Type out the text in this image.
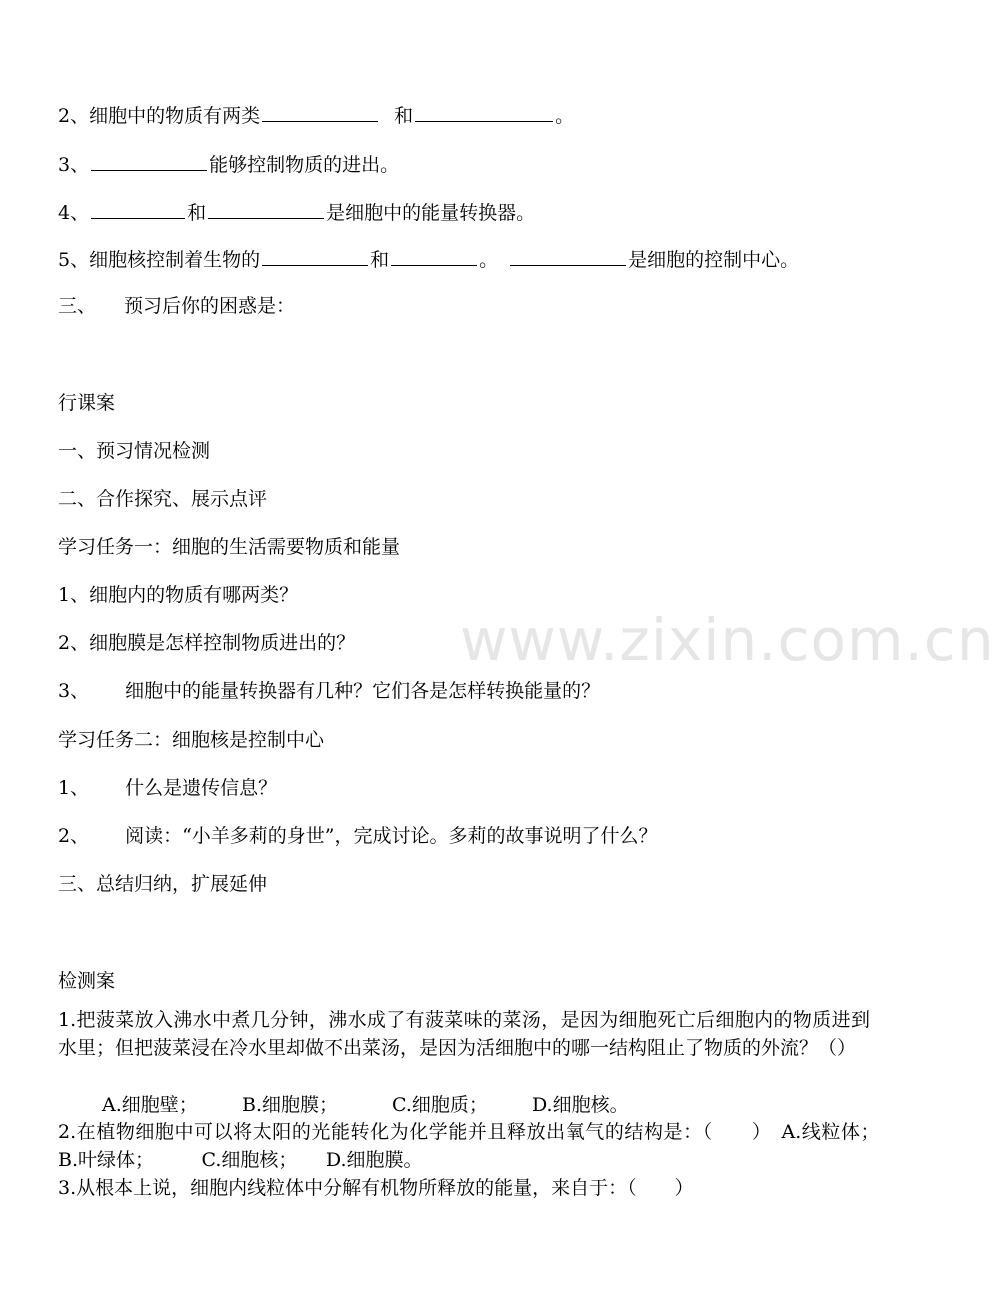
www.zixin.com.cn
2、细胞中的物质有两类	和	。
3、	能够控制物质的进出。
4、	和	是细胞中的能量转换器。
5、细胞核控制着生物的	和	。	是细胞的控制中心。
三、 预习后你的困惑是：
行课案
一、预习情况检测
二、合作探究、展示点评
学习任务一：细胞的生活需要物质和能量
1、细胞内的物质有哪两类？
2、细胞膜是怎样控制物质进出的？
3、 细胞中的能量转换器有几种？它们各是怎样转换能量的？
学习任务二：细胞核是控制中心
1、 什么是遗传信息？
2、 阅读：“小羊多莉的身世”，完成讨论。多莉的故事说明了什么？
三、总结归纳，扩展延伸
检测案
1.把菠菜放入沸水中煮几分钟，沸水成了有菠菜味的菜汤，是因为细胞死亡后细胞内的物质进到水里；但把菠菜浸在冷水里却做不出菜汤，是因为活细胞中的哪一结构阻止了物质的外流？（）
A.细胞壁； B.细胞膜；	C.细胞质； D.细胞核。
2.在植物细胞中可以将太阳的光能转化为化学能并且释放出氧气的结构是：（　　）　A.线粒体；　　　B.叶绿体；　　　C.细胞核；　　D.细胞膜。
3.从根本上说，细胞内线粒体中分解有机物所释放的能量，来自于：（　　）
